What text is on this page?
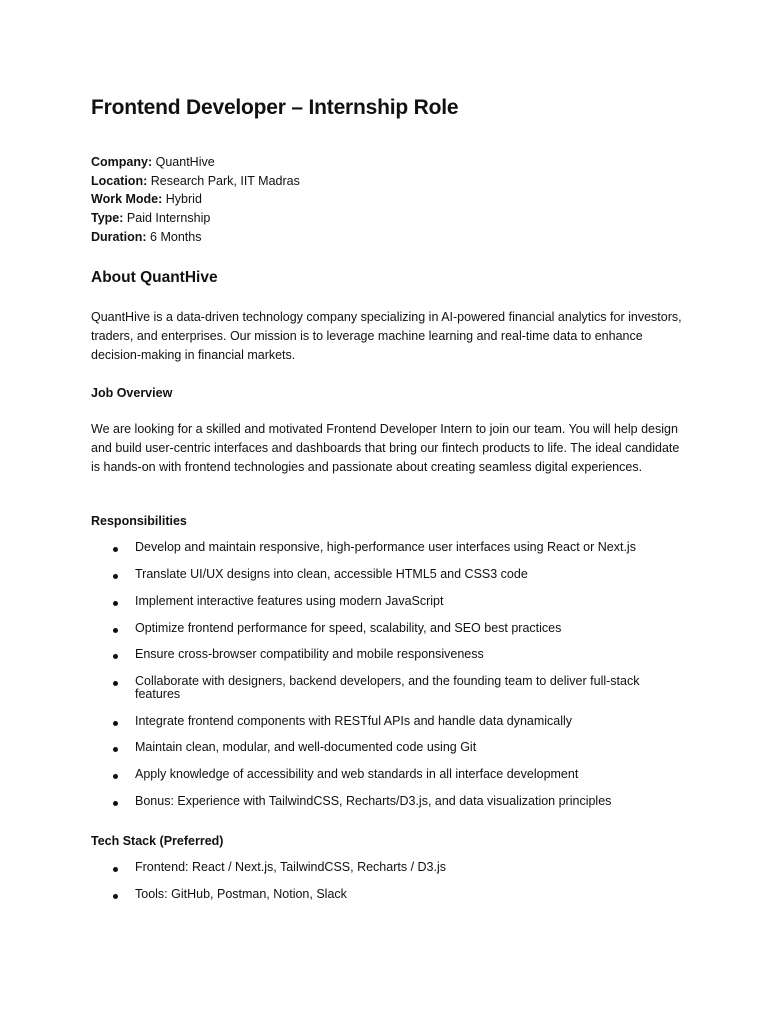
Frontend Developer – Internship Role
Company: QuantHive
Location: Research Park, IIT Madras
Work Mode: Hybrid
Type: Paid Internship
Duration: 6 Months
About QuantHive

QuantHive is a data-driven technology company specializing in AI-powered financial analytics for investors, traders, and enterprises. Our mission is to leverage machine learning and real-time data to enhance decision-making in financial markets.

Job Overview

We are looking for a skilled and motivated Frontend Developer Intern to join our team. You will help design and build user-centric interfaces and dashboards that bring our fintech products to life. The ideal candidate is hands-on with frontend technologies and passionate about creating seamless digital experiences.

Responsibilities
Develop and maintain responsive, high-performance user interfaces using React or Next.js
Translate UI/UX designs into clean, accessible HTML5 and CSS3 code
Implement interactive features using modern JavaScript
Optimize frontend performance for speed, scalability, and SEO best practices
Ensure cross-browser compatibility and mobile responsiveness
Collaborate with designers, backend developers, and the founding team to deliver full-stack features
Integrate frontend components with RESTful APIs and handle data dynamically
Maintain clean, modular, and well-documented code using Git
Apply knowledge of accessibility and web standards in all interface development
Bonus: Experience with TailwindCSS, Recharts/D3.js, and data visualization principles
Tech Stack (Preferred)
Frontend: React / Next.js, TailwindCSS, Recharts / D3.js
Tools: GitHub, Postman, Notion, Slack
